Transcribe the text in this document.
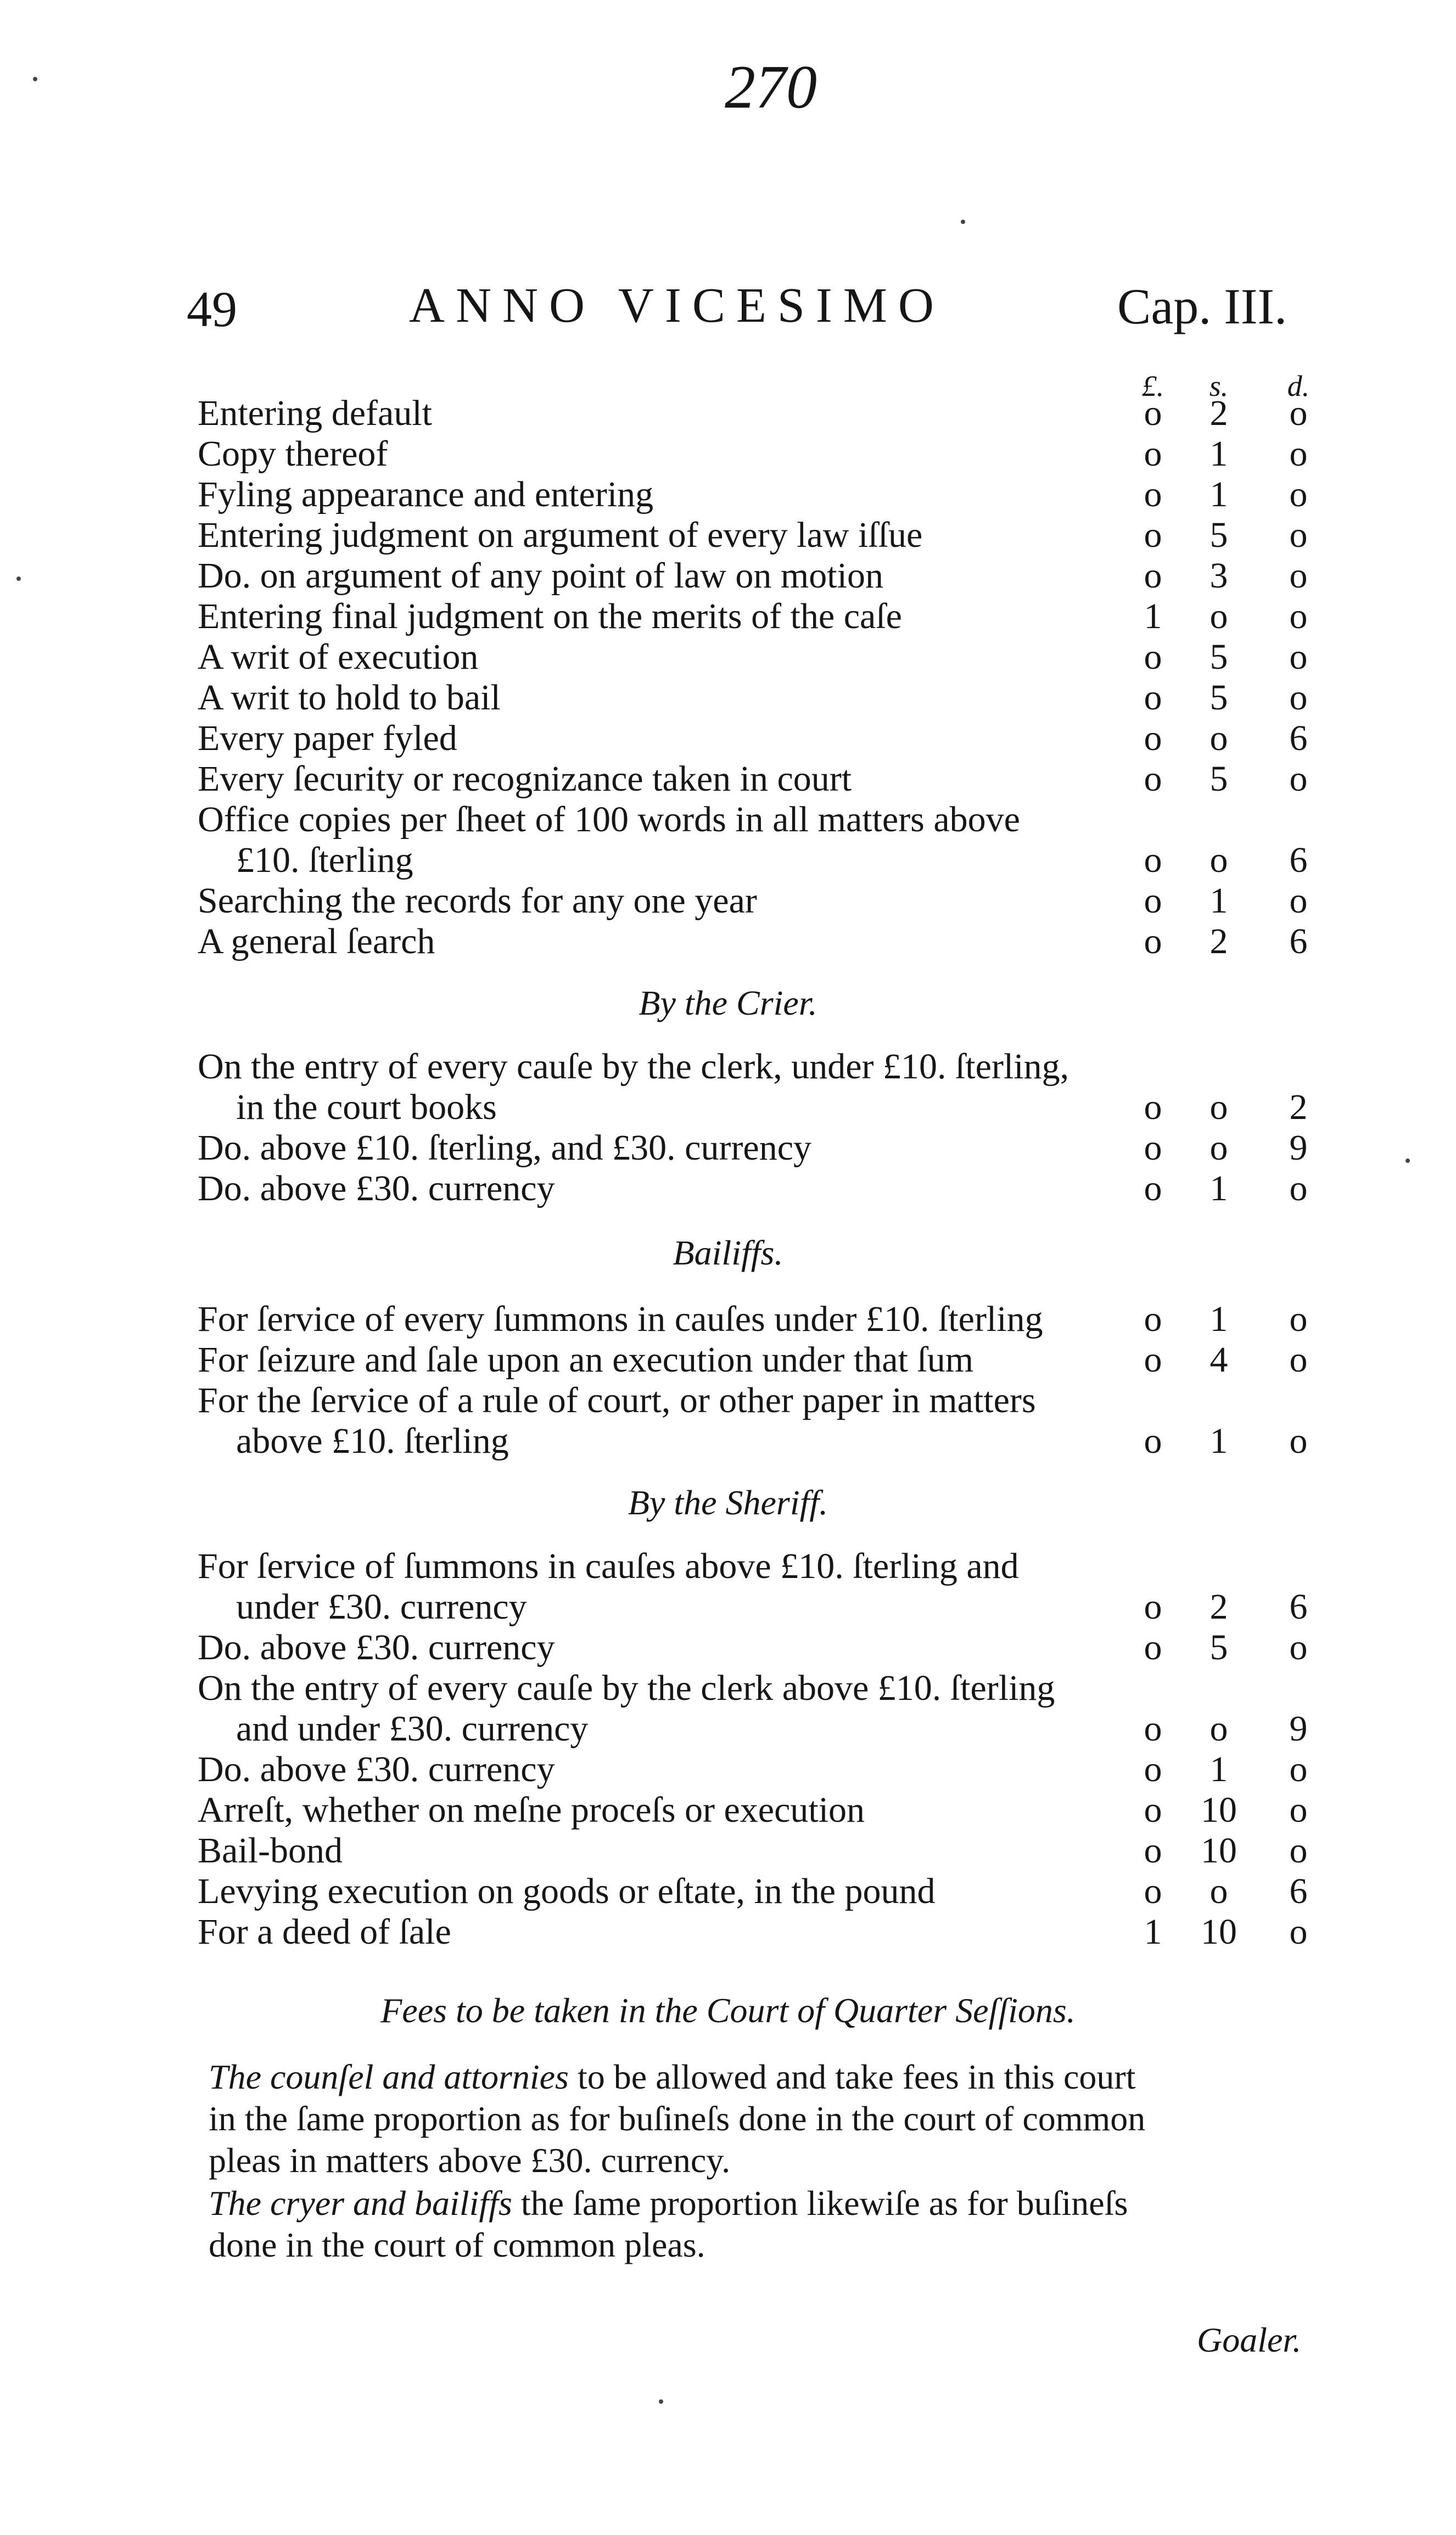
270
49	ANNO VICESIMO	Cap. III.
£.	s.	d.
Entering default	o	2	o
Copy thereof	o	1	o
Fyling appearance and entering	o	1	o
Entering judgment on argument of every law iſſue	o	5	o
Do. on argument of any point of law on motion	o	3	o
Entering final judgment on the merits of the caſe	1	o	o
A writ of execution	o	5	o
A writ to hold to bail	o	5	o
Every paper fyled	o	o	6
Every ſecurity or recognizance taken in court	o	5	o
Office copies per ſheet of 100 words in all matters above
£10. ſterling	o	o	6
Searching the records for any one year	o	1	o
A general ſearch	o	2	6
By the Crier.
On the entry of every cauſe by the clerk, under £10. ſterling,
in the court books	o	o	2
Do. above £10. ſterling, and £30. currency	o	o	9
Do. above £30. currency	o	1	o
Bailiffs.
For ſervice of every ſummons in cauſes under £10. ſterling	o	1	o
For ſeizure and ſale upon an execution under that ſum	o	4	o
For the ſervice of a rule of court, or other paper in matters
above £10. ſterling	o	1	o
By the Sheriff.
For ſervice of ſummons in cauſes above £10. ſterling and
under £30. currency	o	2	6
Do. above £30. currency	o	5	o
On the entry of every cauſe by the clerk above £10. ſterling
and under £30. currency	o	o	9
Do. above £30. currency	o	1	o
Arreſt, whether on meſne proceſs or execution	o	10	o
Bail-bond	o	10	o
Levying execution on goods or eſtate, in the pound	o	o	6
For a deed of ſale	1	10	o
Fees to be taken in the Court of Quarter Seſſions.
The counſel and attornies to be allowed and take fees in this court in the ſame proportion as for buſineſs done in the court of common pleas in matters above £30. currency.
The cryer and bailiffs the ſame proportion likewiſe as for buſineſs done in the court of common pleas.
Goaler.
